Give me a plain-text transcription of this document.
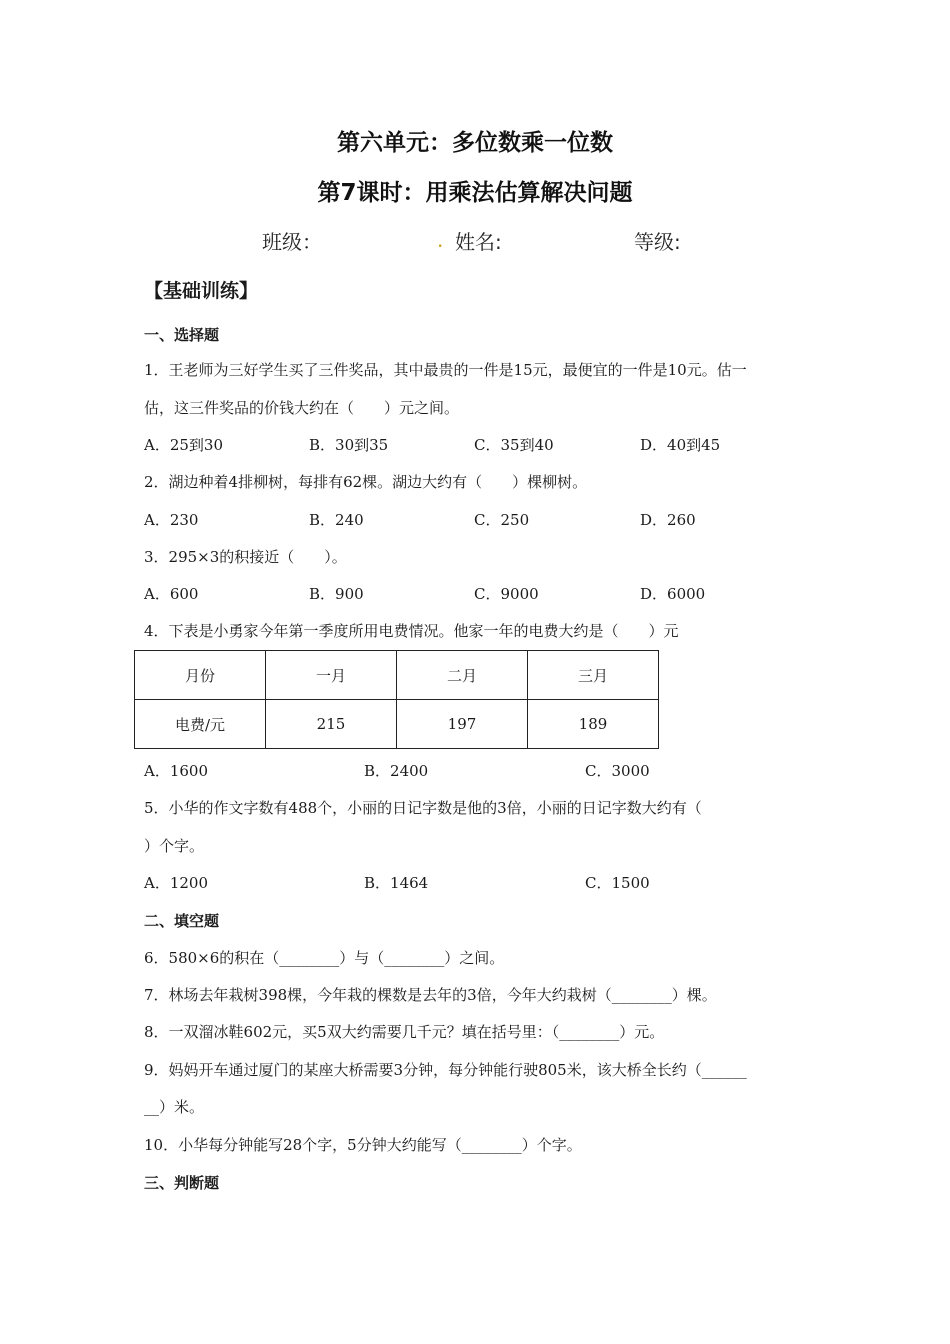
第六单元：多位数乘一位数
第7课时：用乘法估算解决问题
班级：	. 姓名:	等级:
【基础训练】
一、选择题
1．王老师为三好学生买了三件奖品，其中最贵的一件是15元，最便宜的一件是10元。估一
估，这三件奖品的价钱大约在（　　）元之间。
A．25到30	B．30到35	C．35到40	D．40到45
2．湖边种着4排柳树，每排有62棵。湖边大约有（　　）棵柳树。
A．230	B．240	C．250	D．260
3．295×3的积接近（　　）。
A．600	B．900	C．9000	D．6000
4．下表是小勇家今年第一季度所用电费情况。他家一年的电费大约是（　　）元
月份	一月	二月	三月
电费/元	215	197	189
A．1600	B．2400	C．3000
5．小华的作文字数有488个，小丽的日记字数是他的3倍，小丽的日记字数大约有（
）个字。
A．1200	B．1464	C．1500
二、填空题
6．580×6的积在（________）与（________）之间。
7．林场去年栽树398棵，今年栽的棵数是去年的3倍，今年大约栽树（________）棵。
8．一双溜冰鞋602元，买5双大约需要几千元？填在括号里：（________）元。
9．妈妈开车通过厦门的某座大桥需要3分钟，每分钟能行驶805米，该大桥全长约（______
__）米。
10．小华每分钟能写28个字，5分钟大约能写（________）个字。
三、判断题
